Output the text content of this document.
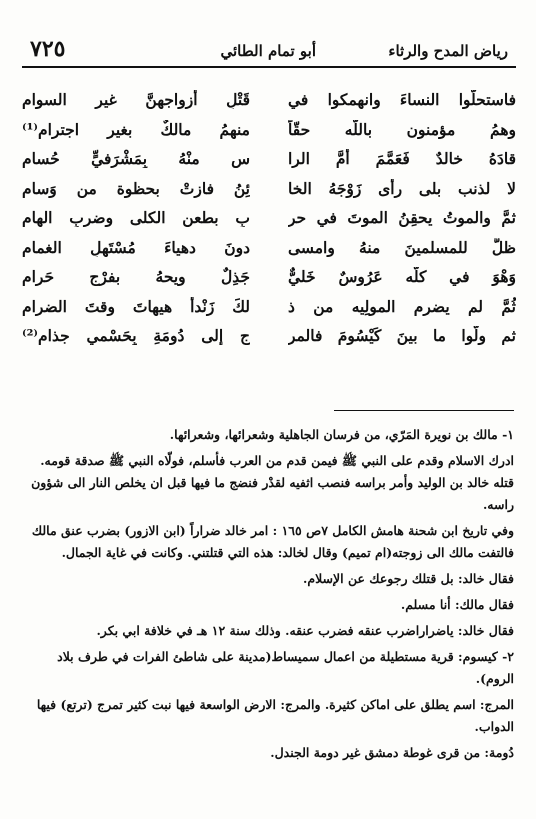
رياض المدح والرثاء
أبو تمام الطائي
٧٢٥
فاستحلّوا النساءَ وانهمكوا في
قَتْلِ أزواجهنَّ غير السوام
وهمُ مؤمنون باللّه حقّاً
منهمُ مالكٌ بغير اجترام⁽¹⁾
قادَهُ خالدٌ فَعَمَّمَ أُمَّ الرا
سِ منْهُ بِمَشْرَفيٍّ حُسام
لا لذنب بلى رأى زَوْجَهُ الخا
ئِنُ فازتْ بحظوة من وَسام
ثمَّ والموتُ يحقِنُ الموتَ في حر
بِ بطعنِ الكلى وضربِ الهام
ظلَّ للمسلمينَ منهُ وامسى
دونَ دهياءَ مُسْتَهلِ الغمام
وَهْوَ في كلّه عَرُوسٌ خَليٌّ
جَذِلٌ ويحهُ بفرْجٍ حَرام
ثُمَّ لم يضرِمِ المولِيه من ذ
لكَ زَنْدأ هيهاتَ وقتَ الضرام
ثم ولّوا ما بينَ كَيْسُومَ فالمر
جِ إلى دُومَةِ بِحَسْمي جذام⁽²⁾

١- مالك بن نويرة المَرّي، من فرسان الجاهلية وشعرائها، وشعرائها.

ادرك الاسلام وقدم على النبي ﷺ فيمن قدم من العرب فأسلم، فولّاه النبي ﷺ صدقة قومه. قتله خالد بن الوليد وأمر براسه فنصب اثفيه لقدْر فنضج ما فيها قبل ان يخلص النار الى شؤون راسه.

وفي تاريخ ابن شحنة هامش الكامل ٧ص ١٦٥ : امر خالد ضراراً (ابن الازور) بضرب عنق مالك فالتفت مالك الى زوجته(ام تميم) وقال لخالد: هذه التي قتلتني. وكانت في غاية الجمال.

فقال خالد: بل قتلك رجوعك عن الإسلام.

فقال مالك: أنا مسلم.

فقال خالد: ياضراراضرب عنقه فضرب عنقه. وذلك سنة ١٢ هـ في خلافة ابي بكر.

٢- كيسوم: قرية مستطيلة من اعمال سميساط(مدينة على شاطئ الفرات في طرف بلاد الروم).

المرج: اسم يطلق على اماكن كثيرة. والمرج: الارض الواسعة فيها نبت كثير تمرج (ترتع) فيها الدواب.

دُومة: من قرى غوطة دمشق غير دومة الجندل.
